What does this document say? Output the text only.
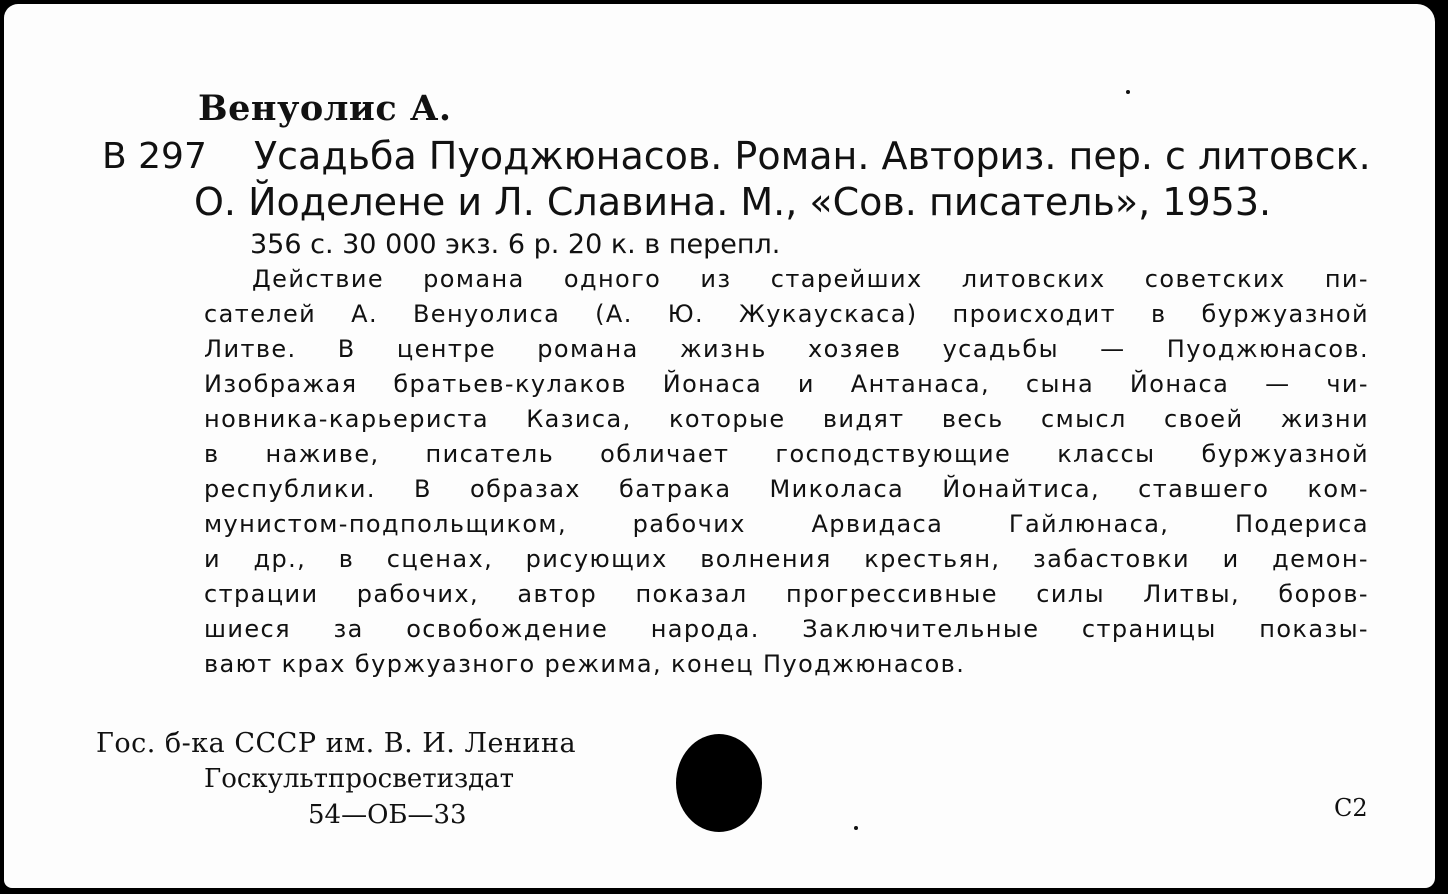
Венуолис А.
В 297 Усадьба Пуоджюнасов. Роман. Авториз. пер. с литовск.
О. Йоделене и Л. Славина. М., «Сов. писатель», 1953.
356 с. 30 000 экз. 6 р. 20 к. в перепл.
Действие романа одного из старейших литовских советских пи-
сателей А. Венуолиса (А. Ю. Жукаускаса) происходит в буржуазной
Литве. В центре романа жизнь хозяев усадьбы — Пуоджюнасов.
Изображая братьев-кулаков Йонаса и Антанаса, сына Йонаса — чи-
новника-карьериста Казиса, которые видят весь смысл своей жизни
в наживе, писатель обличает господствующие классы буржуазной
республики. В образах батрака Миколаса Йонайтиса, ставшего ком-
мунистом-подпольщиком, рабочих Арвидаса Гайлюнаса, Подериса
и др., в сценах, рисующих волнения крестьян, забастовки и демон-
страции рабочих, автор показал прогрессивные силы Литвы, боров-
шиеся за освобождение народа. Заключительные страницы показы-
вают крах буржуазного режима, конец Пуоджюнасов.
Гос. б-ка СССР им. В. И. Ленина
Госкультпросветиздат
54—ОБ—33	С2
